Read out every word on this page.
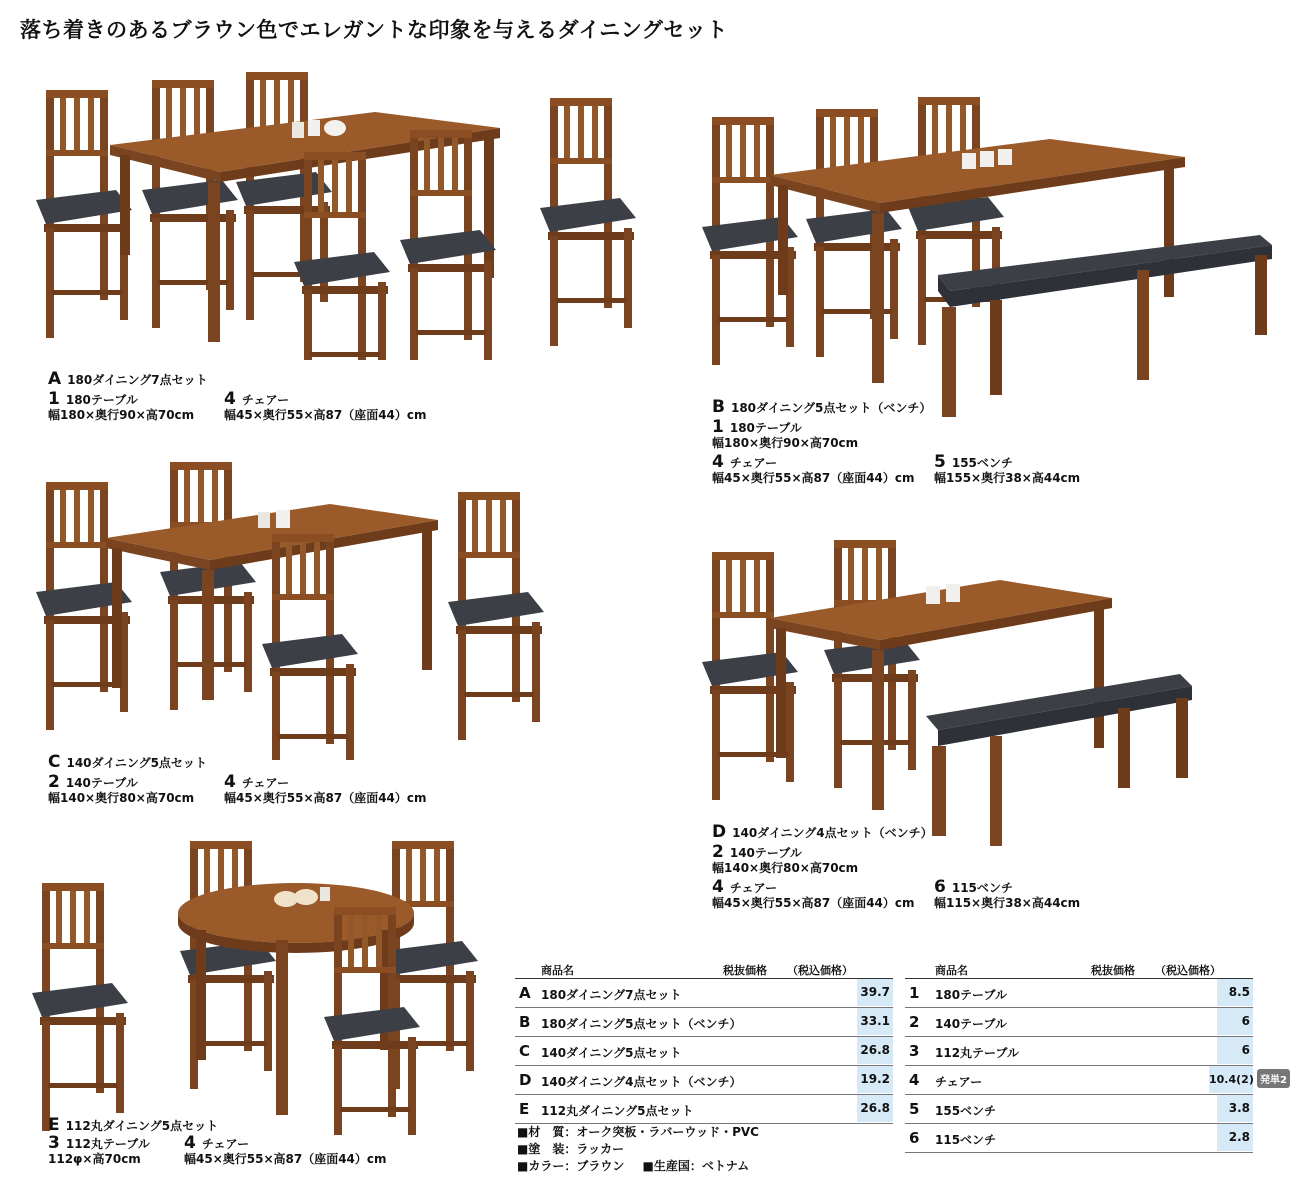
落ち着きのあるブラウン色でエレガントな印象を与えるダイニングセット
A 180ダイニング7点セット
1 180テーブル
幅180×奥行90×高70cm
4 チェアー
幅45×奥行55×高87（座面44）cm	B 180ダイニング5点セット（ベンチ）
1 180テーブル
幅180×奥行90×高70cm
4 チェアー
幅45×奥行55×高87（座面44）cm
5 155ベンチ
幅155×奥行38×高44cm
C 140ダイニング5点セット
2 140テーブル
幅140×奥行80×高70cm
4 チェアー
幅45×奥行55×高87（座面44）cm
D 140ダイニング4点セット（ベンチ）
2 140テーブル
幅140×奥行80×高70cm
4 チェアー
幅45×奥行55×高87（座面44）cm
6 115ベンチ
幅115×奥行38×高44cm
E 112丸ダイニング5点セット
3 112丸テーブル
112φ×高70cm
4 チェアー
幅45×奥行55×高87（座面44）cm
商品名	税抜価格 （税込価格）
A 180ダイニング7点セット	39.7
B 180ダイニング5点セット（ベンチ）	33.1
C 140ダイニング5点セット	26.8
D 140ダイニング4点セット（ベンチ）	19.2
E 112丸ダイニング5点セット	26.8
商品名	税抜価格 （税込価格）
1 180テーブル	8.5
2 140テーブル	6
3 112丸テーブル	6
4 チェアー	10.4(2)
5 155ベンチ	3.8
6 115ベンチ	2.8
発単2
■材　質：オーク突板・ラバーウッド・PVC
■塗　装：ラッカー
■カラー：ブラウン ■生産国：ベトナム
